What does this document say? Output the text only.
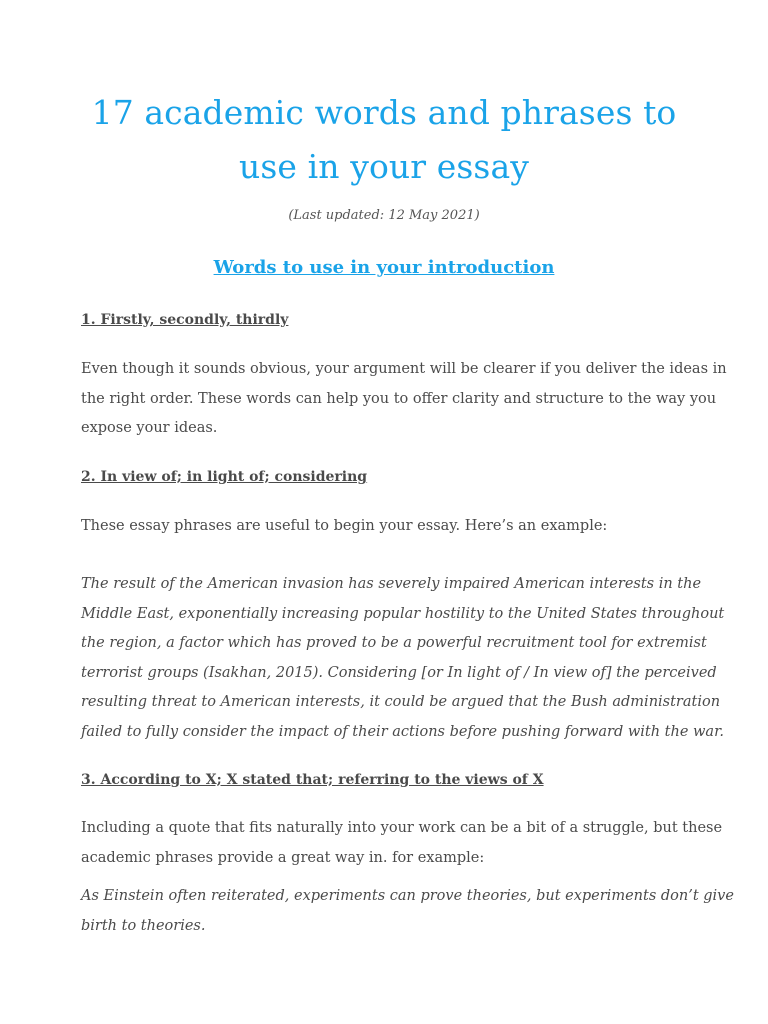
17 academic words and phrases to
use in your essay
(Last updated: 12 May 2021)
Words to use in your introduction
1. Firstly, secondly, thirdly

Even though it sounds obvious, your argument will be clearer if you deliver the ideas in
the right order. These words can help you to offer clarity and structure to the way you
expose your ideas.

2. In view of; in light of; considering

These essay phrases are useful to begin your essay. Here’s an example:

The result of the American invasion has severely impaired American interests in the
Middle East, exponentially increasing popular hostility to the United States throughout
the region, a factor which has proved to be a powerful recruitment tool for extremist
terrorist groups (Isakhan, 2015). Considering [or In light of / In view of] the perceived
resulting threat to American interests, it could be argued that the Bush administration
failed to fully consider the impact of their actions before pushing forward with the war.

3. According to X; X stated that; referring to the views of X

Including a quote that fits naturally into your work can be a bit of a struggle, but these
academic phrases provide a great way in. for example:

As Einstein often reiterated, experiments can prove theories, but experiments don’t give
birth to theories.
